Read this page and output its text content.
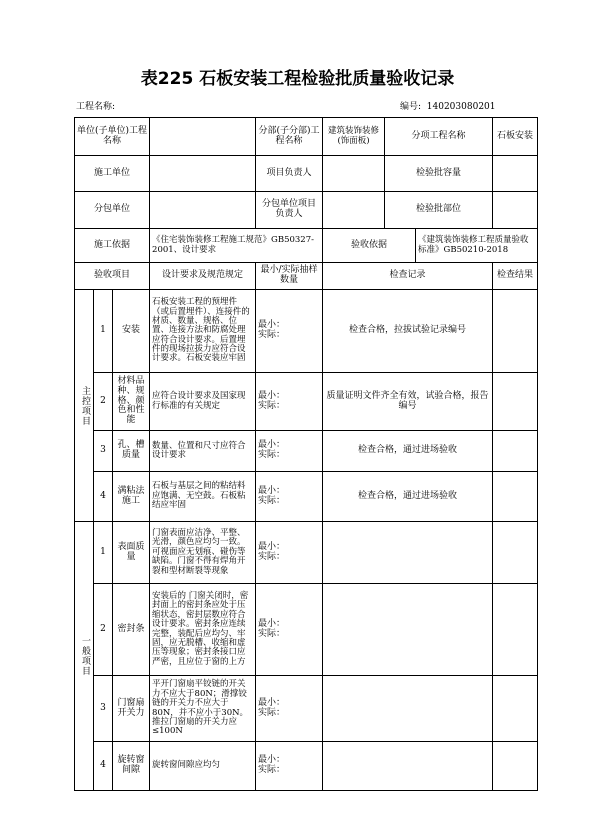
表225 石板安装工程检验批质量验收记录
工程名称:	编号: 140203080201
单位(子单位)工程名称				分部(子分部)工程名称	建筑装饰装修(饰面板)	分项工程名称		石板安装
施工单位				项目负责人		检验批容量		
分包单位				分包单位项目负责人		检验批部位		
施工依据			《住宅装饰装修工程施工规范》GB50327-2001、设计要求		验收依据		《建筑装饰装修工程质量验收标准》GB50210-2018	
验收项目			设计要求及规范规定	最小/实际抽样数量	检查记录			检查结果
主控项目	1	安装	石板安装工程的预埋件（或后置埋件）、连接件的材质、数量、规格、位置、连接方法和防腐处理应符合设计要求。后置埋件的现场拉拔力应符合设计要求。石板安装应牢固	最小：
实际：	检查合格，拉拔试验记录编号			
	2	材料品种、规格、颜色和性能	应符合设计要求及国家现行标准的有关规定	最小：
实际：	质量证明文件齐全有效，试验合格，报告编号			
	3	孔、槽质量	数量、位置和尺寸应符合设计要求	最小：
实际：	检查合格，通过进场验收			
	4	满粘法施工	石板与基层之间的粘结料应饱满、无空鼓。石板粘结应牢固	最小：
实际：	检查合格，通过进场验收			
一般项目	1	表面质量	门窗表面应洁净、平整、光滑，颜色应均匀一致。可视面应无划痕、碰伤等缺陷。门窗不得有焊角开裂和型材断裂等现象	最小：
实际：				

	2	密封条	安装后的 门窗关闭时，密封面上的密封条应处于压缩状态，密封层数应符合设计要求。密封条应连续完整，装配后应均匀、牢固，应无脱槽、收缩和虚压等现象；密封条接口应严密，且应位于窗的上方	最小：
实际：				

	3	门窗扇开关力	平开门窗扇平铰链的开关力不应大于80N；滑撑铰链的开关力不应大于80N，并不应小于30N。推拉门窗扇的开关力应≤100N	最小：
实际：				

	4	旋转窗间隙	旋转窗间隙应均匀	最小：
实际：				
